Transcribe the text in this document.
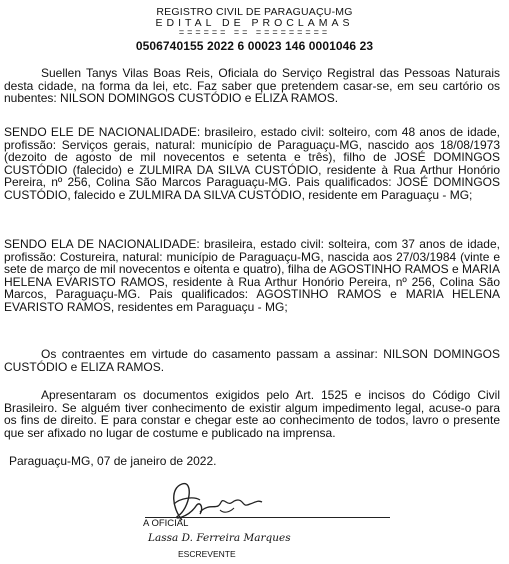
REGISTRO CIVIL DE PARAGUAÇU-MG
EDITAL DE PROCLAMAS
====== == =========
0506740155 2022 6 00023 146 0001046 23

Suellen Tanys Vilas Boas Reis, Oficiala do Serviço Registral das Pessoas Naturais desta cidade, na forma da lei, etc. Faz saber que pretendem casar-se, em seu cartório os nubentes: NILSON DOMINGOS CUSTÓDIO e ELIZA RAMOS.

SENDO ELE DE NACIONALIDADE: brasileiro, estado civil: solteiro, com 48 anos de idade, profissão: Serviços gerais, natural: município de Paraguaçu-MG, nascido aos 18/08/1973 (dezoito de agosto de mil novecentos e setenta e três), filho de JOSÉ DOMINGOS CUSTÓDIO (falecido) e ZULMIRA DA SILVA CUSTÓDIO, residente à Rua Arthur Honório Pereira, nº 256, Colina São Marcos Paraguaçu-MG. Pais qualificados: JOSÉ DOMINGOS CUSTÓDIO, falecido e ZULMIRA DA SILVA CUSTÓDIO, residente em Paraguaçu - MG;

SENDO ELA DE NACIONALIDADE: brasileira, estado civil: solteira, com 37 anos de idade, profissão: Costureira, natural: município de Paraguaçu-MG, nascida aos 27/03/1984 (vinte e sete de março de mil novecentos e oitenta e quatro), filha de AGOSTINHO RAMOS e MARIA HELENA EVARISTO RAMOS, residente à Rua Arthur Honório Pereira, nº 256, Colina São Marcos, Paraguaçu-MG. Pais qualificados: AGOSTINHO RAMOS e MARIA HELENA EVARISTO RAMOS, residentes em Paraguaçu - MG;

Os contraentes em virtude do casamento passam a assinar: NILSON DOMINGOS CUSTÓDIO e ELIZA RAMOS.

Apresentaram os documentos exigidos pelo Art. 1525 e incisos do Código Civil Brasileiro. Se alguém tiver conhecimento de existir algum impedimento legal, acuse-o para os fins de direito. E para constar e chegar este ao conhecimento de todos, lavro o presente que ser afixado no lugar de costume e publicado na imprensa.

Paraguaçu-MG, 07 de janeiro de 2022.
A OFICIAL
Lassa D. Ferreira Marques
ESCREVENTE
